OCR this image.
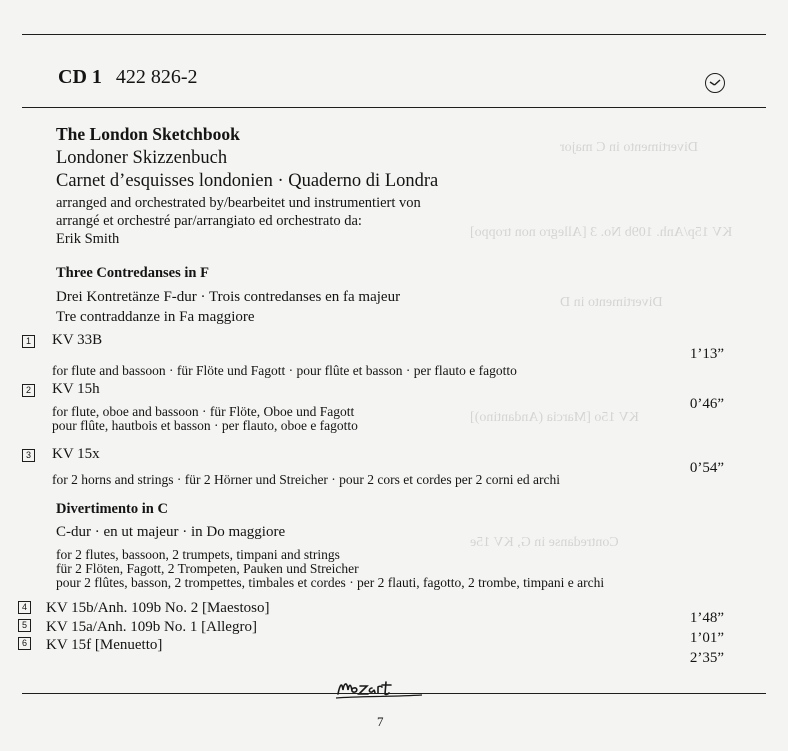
Divertimento in C major
KV 15p/Anh. 109b No. 3 [Allegro non troppo]
Divertimento in D
KV 15o [Marcia (Andantino)]
Contredanse in G, KV 15e
CD 1 422 826-2
The London Sketchbook
Londoner Skizzenbuch
Carnet d’esquisses londonien · Quaderno di Londra
arranged and orchestrated by/bearbeitet und instrumentiert von
arrangé et orchestré par/arrangiato ed orchestrato da:
Erik Smith
Three Contredanses in F
Drei Kontretänze F-dur · Trois contredanses en fa majeur
Tre contraddanze in Fa maggiore
1 KV 33B
for flute and bassoon · für Flöte und Fagott · pour flûte et basson · per flauto e fagotto
1’13”
2 KV 15h
for flute, oboe and bassoon · für Flöte, Oboe und Fagott
pour flûte, hautbois et basson · per flauto, oboe e fagotto
0’46”
3 KV 15x
for 2 horns and strings · für 2 Hörner und Streicher · pour 2 cors et cordes per 2 corni ed archi
0’54”
Divertimento in C
C-dur · en ut majeur · in Do maggiore
for 2 flutes, bassoon, 2 trumpets, timpani and strings
für 2 Flöten, Fagott, 2 Trompeten, Pauken und Streicher
pour 2 flûtes, basson, 2 trompettes, timbales et cordes · per 2 flauti, fagotto, 2 trombe, timpani e archi
4 KV 15b/Anh. 109b No. 2 [Maestoso]
1’48”
5 KV 15a/Anh. 109b No. 1 [Allegro]
1’01”
6 KV 15f [Menuetto]
2’35”
7
